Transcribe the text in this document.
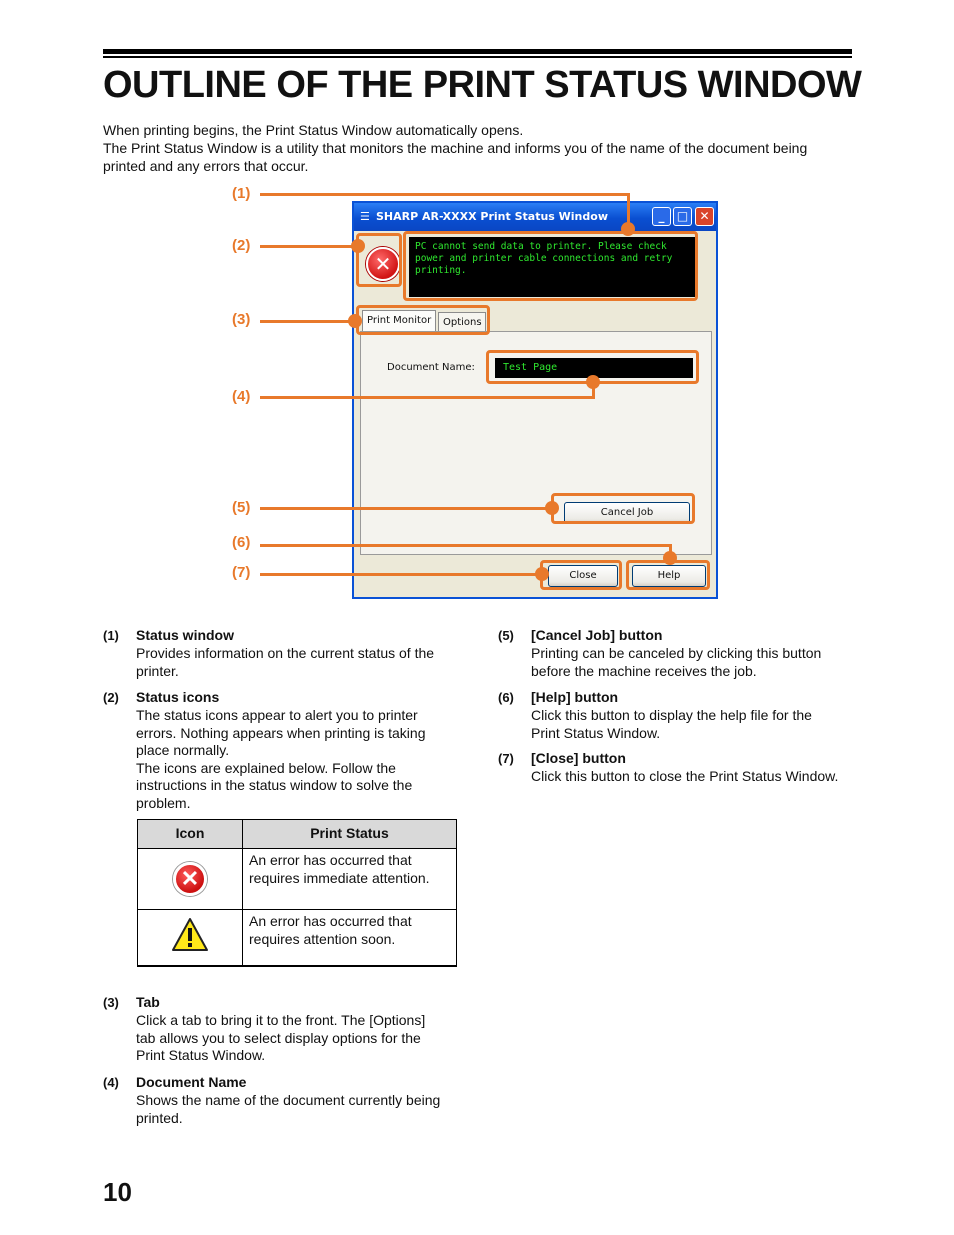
OUTLINE OF THE PRINT STATUS WINDOW

When printing begins, the Print Status Window automatically opens.

The Print Status Window is a utility that monitors the machine and informs you of the name of the document being printed and any errors that occur.

(1)
(2)
(3)
(4)
(5)
(6)
(7)
☰ SHARP AR-XXXX Print Status Window	_	□ ✕
✕
PC cannot send data to printer. Please check power and printer cable connections and retry printing.
Print Monitor	Options
Document Name:	Test Page
Cancel Job
Close	Help
(1) Status window

Provides information on the current status of the printer.

(2) Status icons

The status icons appear to alert you to printer errors. Nothing appears when printing is taking place normally.

The icons are explained below. Follow the instructions in the status window to solve the problem.

Icon	Print Status
✕	An error has occurred that requires immediate attention.

	An error has occurred that requires attention soon.
(3) Tab

Click a tab to bring it to the front. The [Options] tab allows you to select display options for the Print Status Window.

(4) Document Name

Shows the name of the document currently being printed.

(5) [Cancel Job] button

Printing can be canceled by clicking this button before the machine receives the job.

(6) [Help] button

Click this button to display the help file for the Print Status Window.

(7) [Close] button

Click this button to close the Print Status Window.

10
